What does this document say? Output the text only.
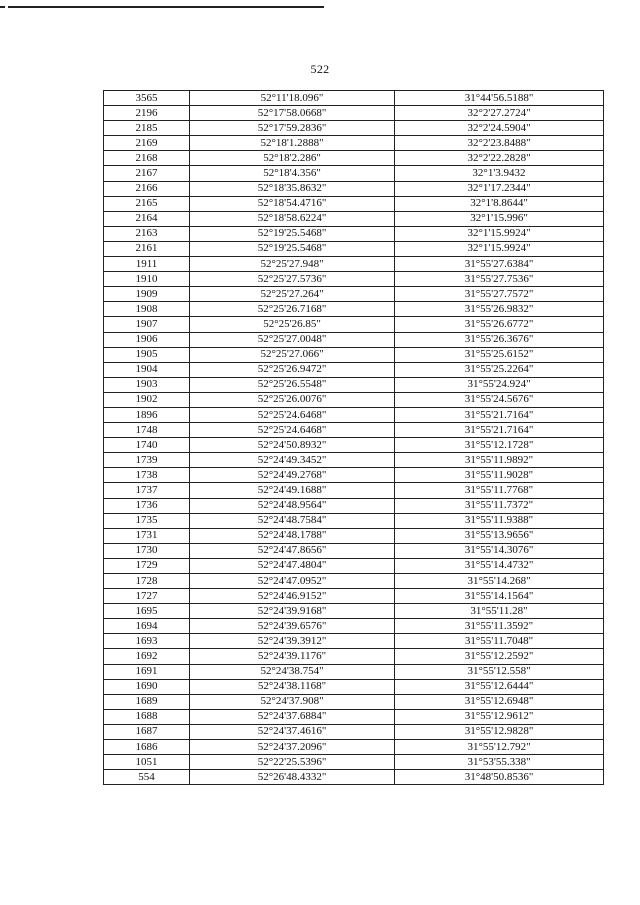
522
3565	52°11'18.096"	31°44'56.5188"
2196	52°17'58.0668"	32°2'27.2724"
2185	52°17'59.2836"	32°2'24.5904"
2169	52°18'1.2888"	32°2'23.8488"
2168	52°18'2.286"	32°2'22.2828"
2167	52°18'4.356"	32°1'3.9432
2166	52°18'35.8632"	32°1'17.2344"
2165	52°18'54.4716"	32°1'8.8644"
2164	52°18'58.6224"	32°1'15.996"
2163	52°19'25.5468"	32°1'15.9924"
2161	52°19'25.5468"	32°1'15.9924"
1911	52°25'27.948"	31°55'27.6384"
1910	52°25'27.5736"	31°55'27.7536"
1909	52°25'27.264"	31°55'27.7572"
1908	52°25'26.7168"	31°55'26.9832"
1907	52°25'26.85"	31°55'26.6772"
1906	52°25'27.0048"	31°55'26.3676"
1905	52°25'27.066"	31°55'25.6152"
1904	52°25'26.9472"	31°55'25.2264"
1903	52°25'26.5548"	31°55'24.924"
1902	52°25'26.0076"	31°55'24.5676"
1896	52°25'24.6468"	31°55'21.7164"
1748	52°25'24.6468"	31°55'21.7164"
1740	52°24'50.8932"	31°55'12.1728"
1739	52°24'49.3452"	31°55'11.9892"
1738	52°24'49.2768"	31°55'11.9028"
1737	52°24'49.1688"	31°55'11.7768"
1736	52°24'48.9564"	31°55'11.7372"
1735	52°24'48.7584"	31°55'11.9388"
1731	52°24'48.1788"	31°55'13.9656"
1730	52°24'47.8656"	31°55'14.3076"
1729	52°24'47.4804"	31°55'14.4732"
1728	52°24'47.0952"	31°55'14.268"
1727	52°24'46.9152"	31°55'14.1564"
1695	52°24'39.9168"	31°55'11.28"
1694	52°24'39.6576"	31°55'11.3592"
1693	52°24'39.3912"	31°55'11.7048"
1692	52°24'39.1176"	31°55'12.2592"
1691	52°24'38.754"	31°55'12.558"
1690	52°24'38.1168"	31°55'12.6444"
1689	52°24'37.908"	31°55'12.6948"
1688	52°24'37.6884"	31°55'12.9612"
1687	52°24'37.4616"	31°55'12.9828"
1686	52°24'37.2096"	31°55'12.792"
1051	52°22'25.5396"	31°53'55.338"
554	52°26'48.4332"	31°48'50.8536"
